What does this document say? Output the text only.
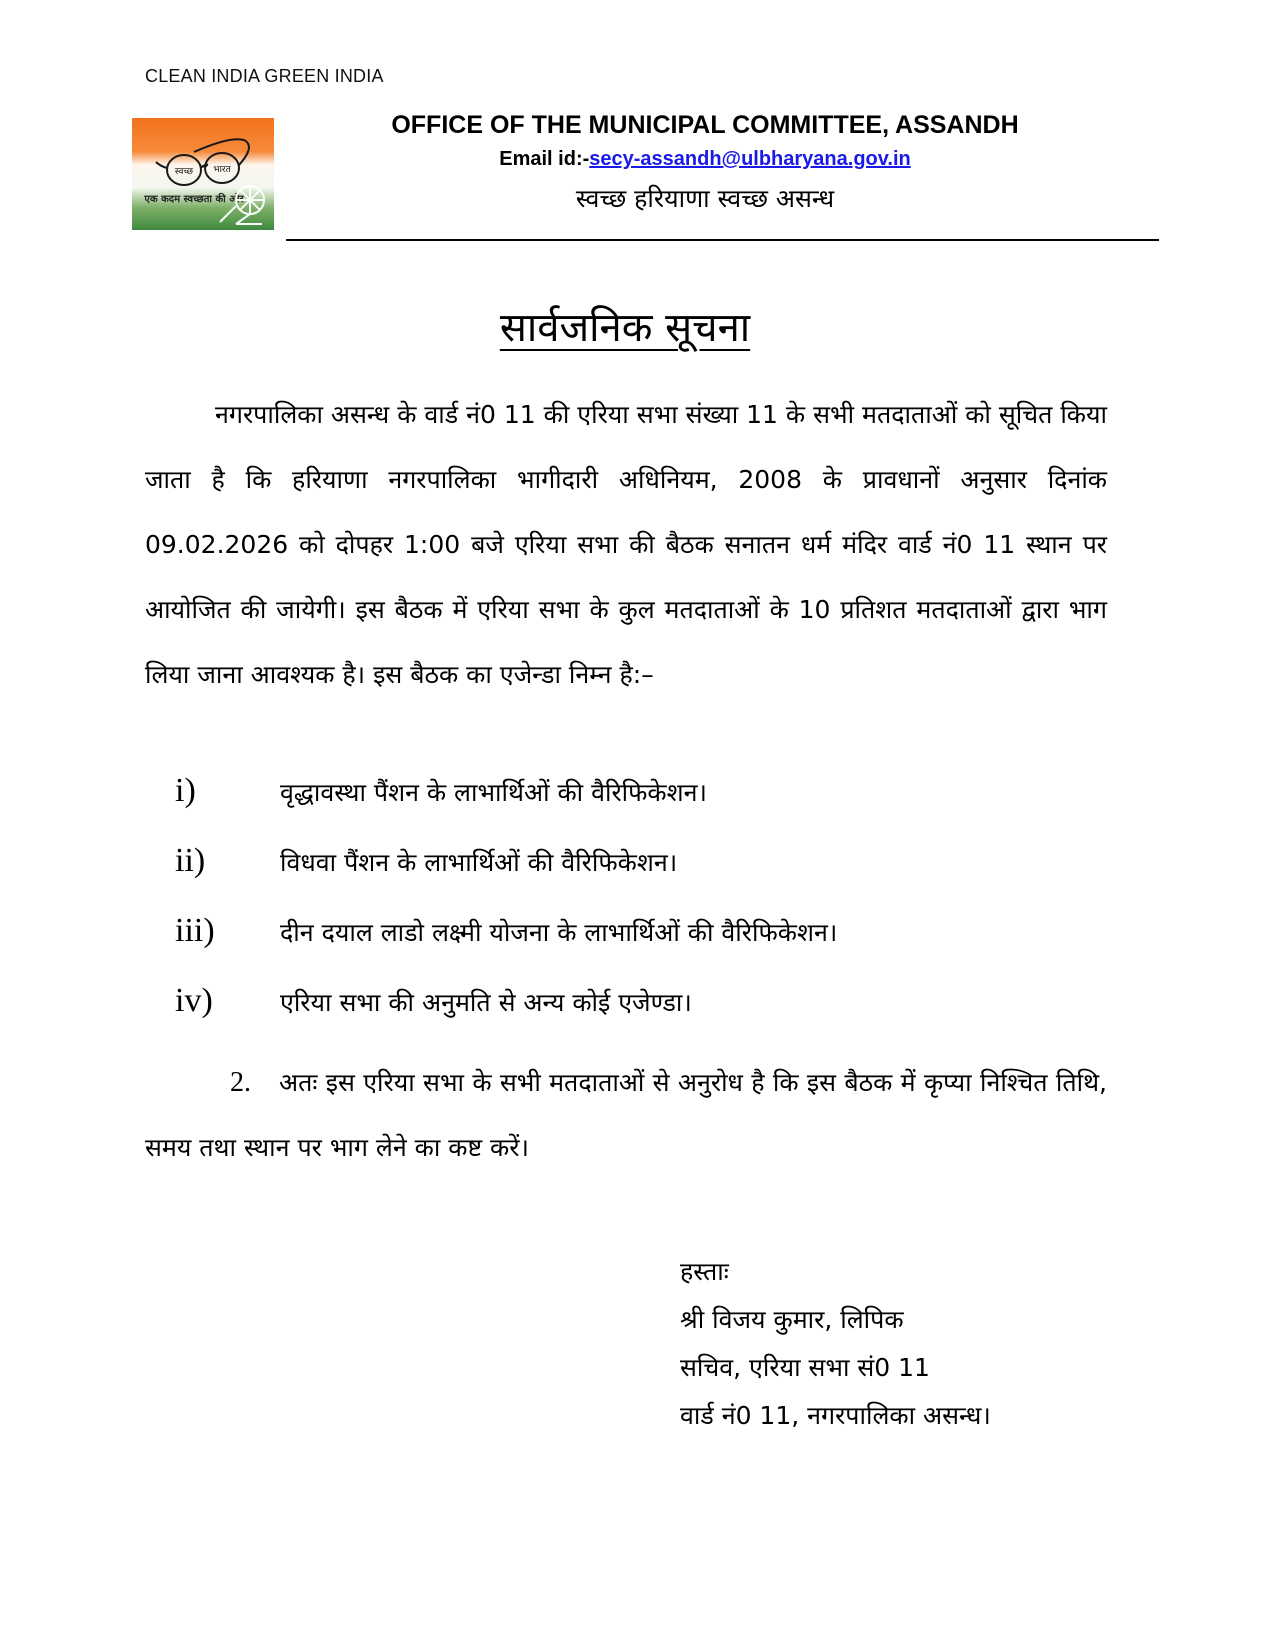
CLEAN INDIA GREEN INDIA
स्वच्छ भारत
एक कदम स्वच्छता की ओर
OFFICE OF THE MUNICIPAL COMMITTEE, ASSANDH
Email id:-secy-assandh@ulbharyana.gov.in
स्वच्छ हरियाणा स्वच्छ असन्ध
सार्वजनिक सूचना
नगरपालिका असन्ध के वार्ड नं0 11 की एरिया सभा संख्या 11 के सभी मतदाताओं को सूचित किया जाता है कि हरियाणा नगरपालिका भागीदारी अधिनियम, 2008 के प्रावधानों अनुसार दिनांक 09.02.2026 को दोपहर 1:00 बजे एरिया सभा की बैठक सनातन धर्म मंदिर वार्ड नं0 11 स्थान पर आयोजित की जायेगी। इस बैठक में एरिया सभा के कुल मतदाताओं के 10 प्रतिशत मतदाताओं द्वारा भाग लिया जाना आवश्यक है। इस बैठक का एजेन्डा निम्न है:–
i)	वृद्धावस्था पैंशन के लाभार्थिओं की वैरिफिकेशन।
ii)	विधवा पैंशन के लाभार्थिओं की वैरिफिकेशन।
iii)	दीन दयाल लाडो लक्ष्मी योजना के लाभार्थिओं की वैरिफिकेशन।
iv)	एरिया सभा की अनुमति से अन्य कोई एजेण्डा।
2. अतः इस एरिया सभा के सभी मतदाताओं से अनुरोध है कि इस बैठक में कृप्या निश्चित तिथि, समय तथा स्थान पर भाग लेने का कष्ट करें।
हस्ताः
श्री विजय कुमार, लिपिक
सचिव, एरिया सभा सं0 11
वार्ड नं0 11, नगरपालिका असन्ध।
